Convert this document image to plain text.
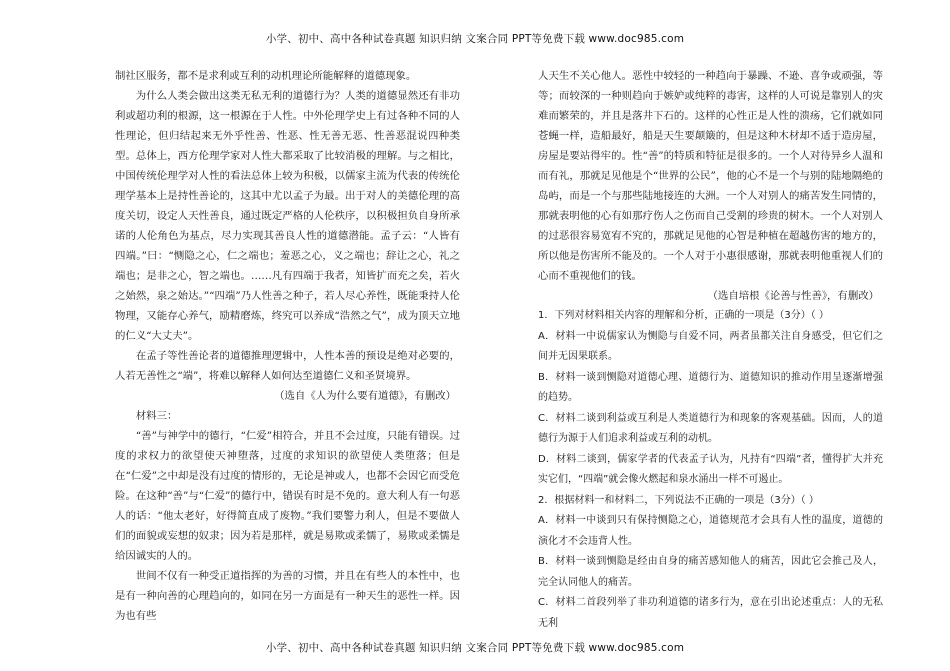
小学、初中、高中各种试卷真题 知识归纳 文案合同 PPT等免费下载 www.doc985.com

制社区服务，都不是求利或互利的动机理论所能解释的道德现象。

为什么人类会做出这类无私无利的道德行为？人类的道德显然还有非功利或超功利的根源，这一根源在于人性。中外伦理学史上有过各种不同的人性理论，但归结起来无外乎性善、性恶、性无善无恶、性善恶混说四种类型。总体上，西方伦理学家对人性大都采取了比较消极的理解。与之相比，中国传统伦理学对人性的看法总体上较为积极，以儒家主流为代表的传统伦理学基本上是持性善论的，这其中尤以孟子为最。出于对人的美德伦理的高度关切，设定人天性善良，通过既定严格的人伦秩序，以积极担负自身所承诺的人伦角色为基点，尽力实现其善良人性的道德潜能。孟子云：“人皆有四端。”曰：“恻隐之心，仁之端也；羞恶之心，义之端也；辞让之心，礼之端也；是非之心，智之端也。……凡有四端于我者，知皆扩而充之矣，若火之始然，泉之始达。”“四端”乃人性善之种子，若人尽心养性，既能秉持人伦物理，又能存心养气，励精磨炼，终究可以养成“浩然之气”，成为顶天立地的仁义“大丈夫”。

在孟子等性善论者的道德推理逻辑中，人性本善的预设是绝对必要的，人若无善性之“端”，将难以解释人如何达至道德仁义和圣贤境界。

（选自《人为什么要有道德》，有删改）

材料三：

“善”与神学中的德行，“仁爱”相符合，并且不会过度，只能有错误。过度的求权力的欲望使天神堕落，过度的求知识的欲望使人类堕落；但是在“仁爱”之中却是没有过度的情形的，无论是神或人，也都不会因它而受危险。在这种“善”与“仁爱”的德行中，错误有时是不免的。意大利人有一句恶人的话：“他太老好，好得简直成了废物。”我们要警力利人，但是不要做人们的面貌或妄想的奴隶；因为若是那样，就是易欺或柔懦了，易欺或柔懦是给因诚实的人的。

世间不仅有一种受正道指挥的为善的习惯，并且在有些人的本性中，也是有一种向善的心理趋向的，如同在另一方面是有一种天生的恶性一样。因为也有些

人天生不关心他人。恶性中较轻的一种趋向于暴躁、不逊、喜争或顽强，等等；而较深的一种则趋向于嫉妒或纯粹的毒害，这样的人可说是靠别人的灾难而繁荣的，并且是落井下石的。这样的心性正是人性的溃疡，它们就如同苍蝇一样，造船最好，船是天生要颠簸的，但是这种木材却不适于造房屋，房屋是要站得牢的。性“善”的特质和特征是很多的。一个人对待异乡人温和而有礼，那就足见他是个“世界的公民”，他的心不是一个与别的陆地隔绝的岛屿，而是一个与那些陆地接连的大洲。一个人对别人的痛苦发生同情的，那就表明他的心有如那疗伤人之伤而自己受割的珍贵的树木。一个人对别人的过恶很容易宽宥不究的，那就足见他的心智是种植在超越伤害的地方的，所以他是伤害所不能及的。一个人对于小惠很感谢，那就表明他重视人们的心而不重视他们的钱。

（选自培根《论善与性善》，有删改）

1．下列对材料相关内容的理解和分析，正确的一项是（3分）（ ）

A．材料一中说儒家认为恻隐与自爱不同，两者虽都关注自身感受，但它们之间并无因果联系。

B．材料一谈到恻隐对道德心理、道德行为、道德知识的推动作用呈逐渐增强的趋势。

C．材料二谈到利益或互利是人类道德行为和现象的客观基础。因而，人的道德行为源于人们追求利益或互利的动机。

D．材料二谈到，儒家学者的代表孟子认为，凡持有“四端”者，懂得扩大并充实它们，“四端”就会像火燃起和泉水涌出一样不可遏止。

2．根据材料一和材料二，下列说法不正确的一项是（3分）（ ）

A．材料一中谈到只有保持恻隐之心，道德规范才会具有人性的温度，道德的演化才不会违背人性。

B．材料一谈到恻隐是经由自身的痛苦感知他人的痛苦，因此它会推己及人，完全认同他人的痛苦。

C．材料二首段列举了非功利道德的诸多行为，意在引出论述重点：人的无私无利

小学、初中、高中各种试卷真题 知识归纳 文案合同 PPT等免费下载 www.doc985.com
